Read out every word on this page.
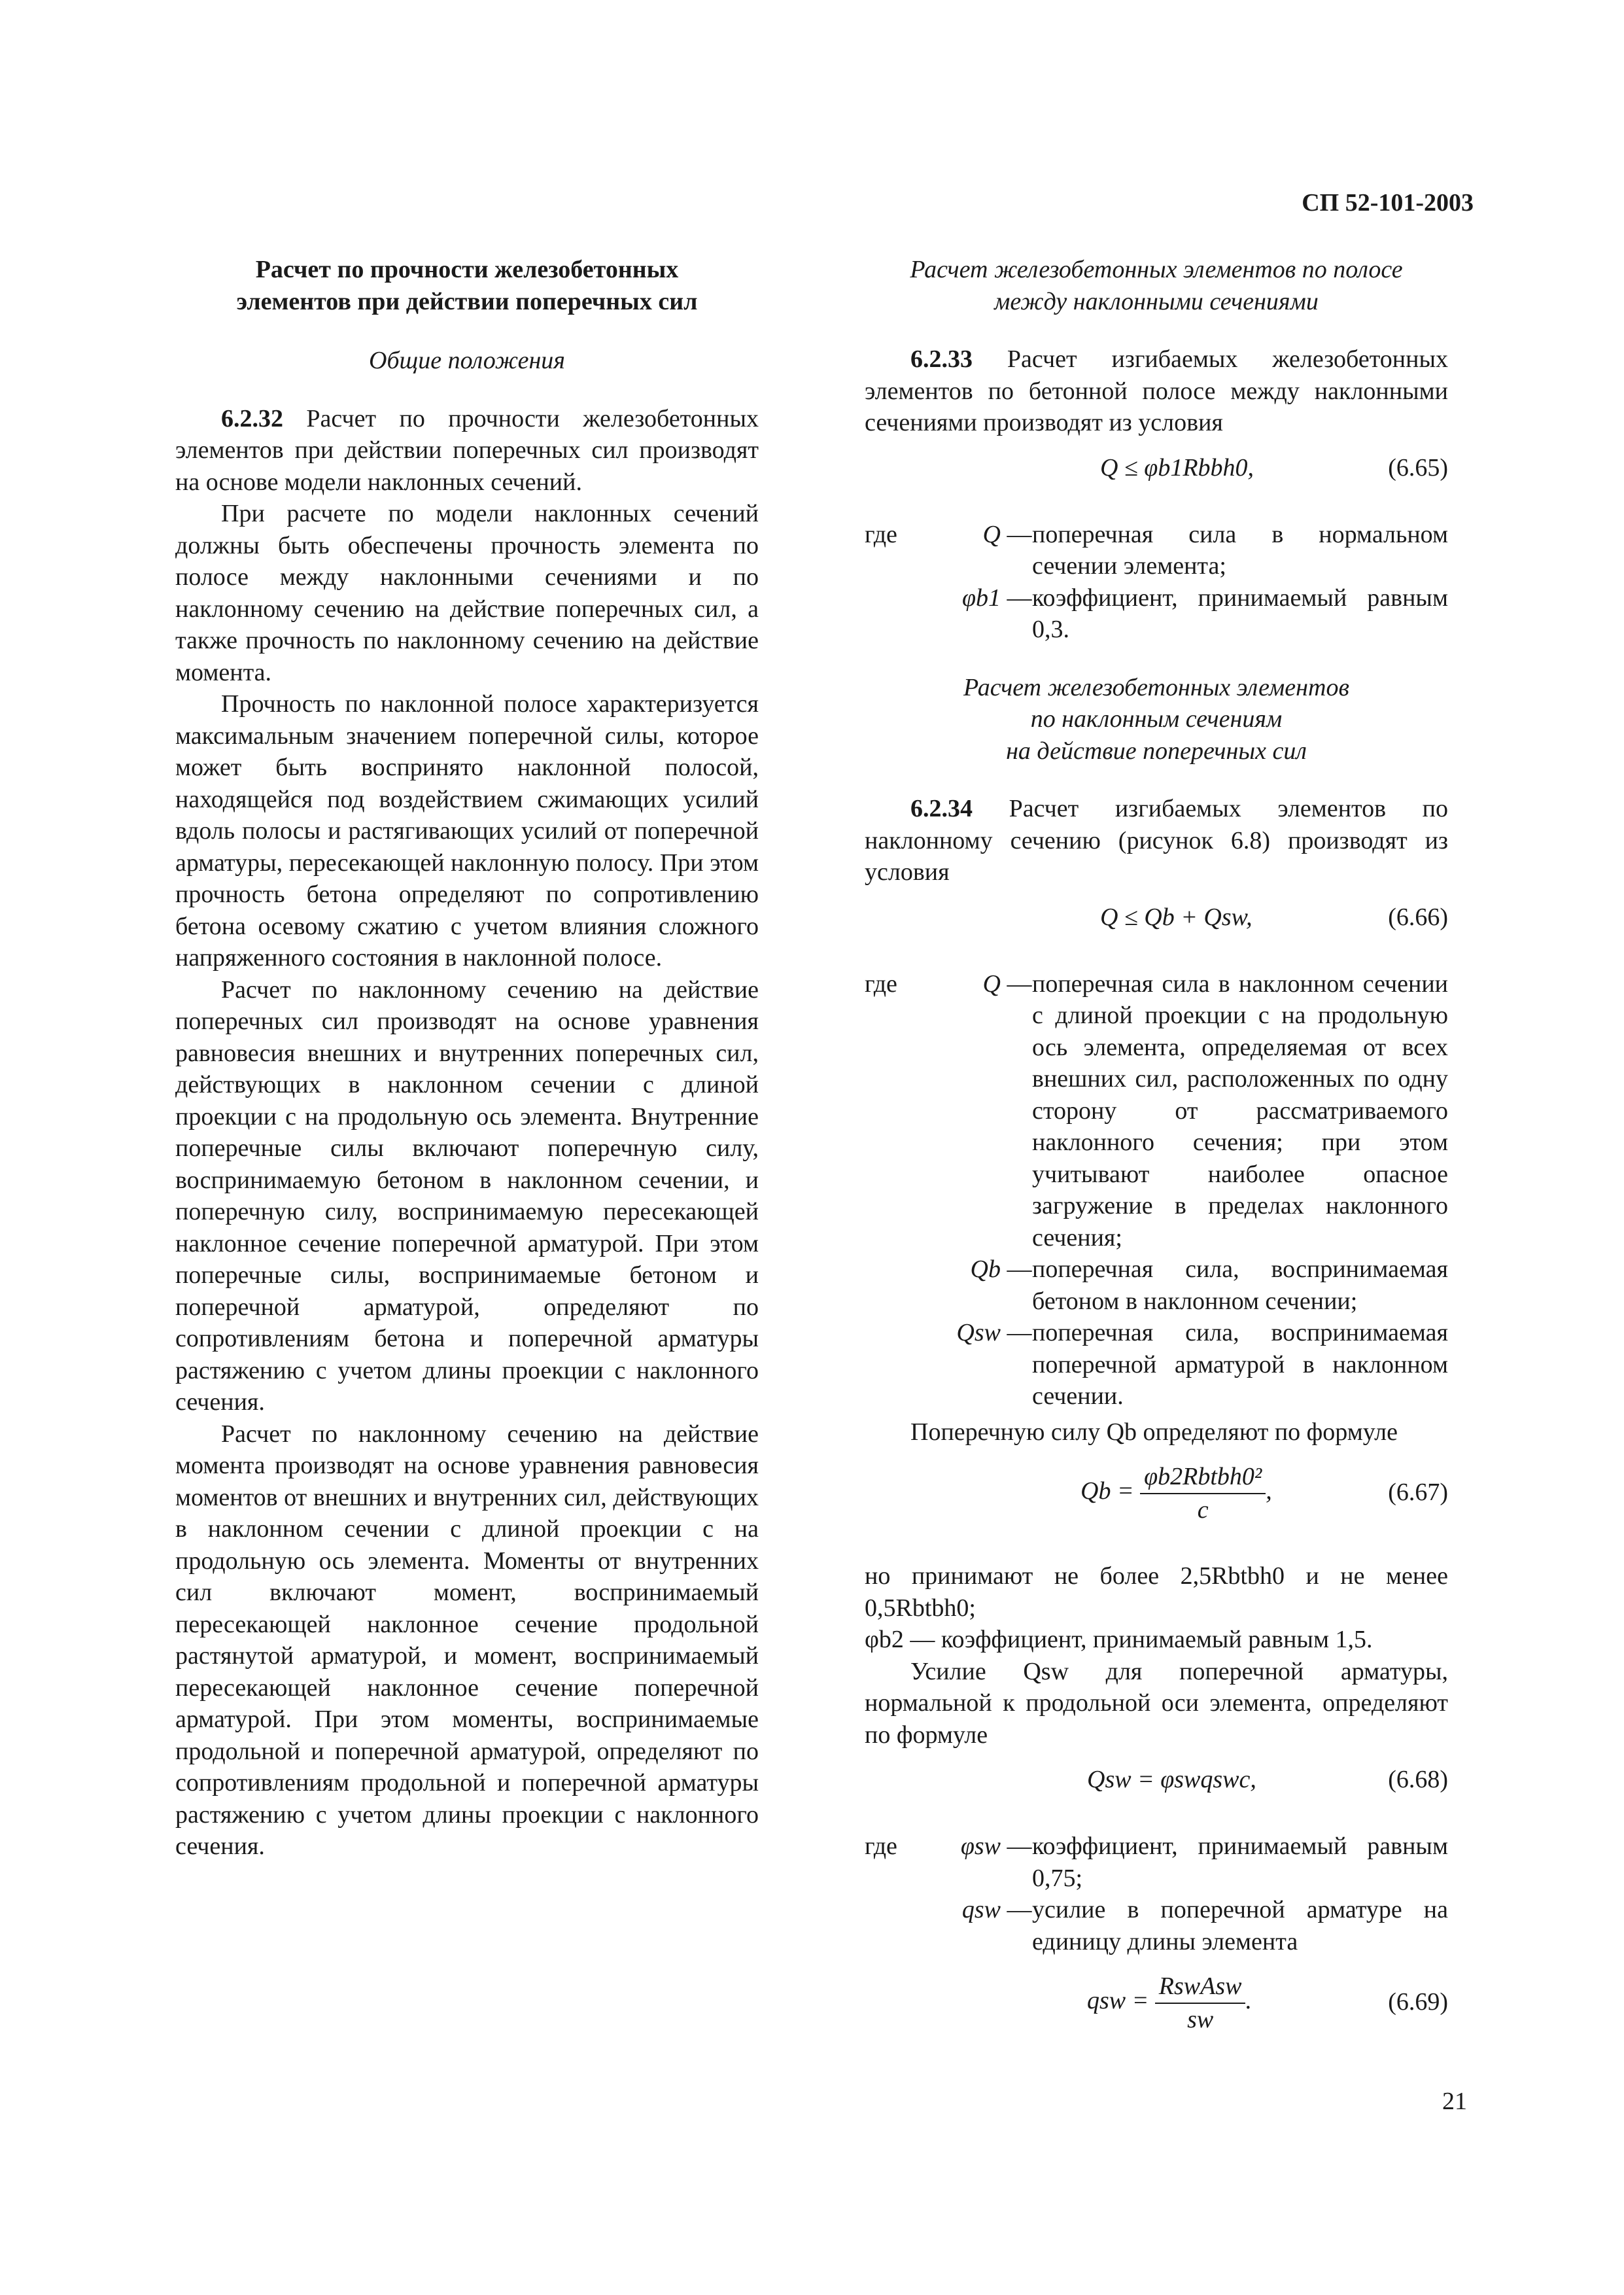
СП 52-101-2003
Расчет по прочности железобетонных
элементов при действии поперечных сил
Общие положения

6.2.32 Расчет по прочности железобетонных элементов при действии поперечных сил производят на основе модели наклонных сечений.

При расчете по модели наклонных сечений должны быть обеспечены прочность элемента по полосе между наклонными сечениями и по наклонному сечению на действие поперечных сил, а также прочность по наклонному сечению на действие момента.

Прочность по наклонной полосе характеризуется максимальным значением поперечной силы, которое может быть воспринято наклонной полосой, находящейся под воздействием сжимающих усилий вдоль полосы и растягивающих усилий от поперечной арматуры, пересекающей наклонную полосу. При этом прочность бетона определяют по сопротивлению бетона осевому сжатию с учетом влияния сложного напряженного состояния в наклонной полосе.

Расчет по наклонному сечению на действие поперечных сил производят на основе уравнения равновесия внешних и внутренних поперечных сил, действующих в наклонном сечении с длиной проекции c на продольную ось элемента. Внутренние поперечные силы включают поперечную силу, воспринимаемую бетоном в наклонном сечении, и поперечную силу, воспринимаемую пересекающей наклонное сечение поперечной арматурой. При этом поперечные силы, воспринимаемые бетоном и поперечной арматурой, определяют по сопротивлениям бетона и поперечной арматуры растяжению с учетом длины проекции c наклонного сечения.

Расчет по наклонному сечению на действие момента производят на основе уравнения равновесия моментов от внешних и внутренних сил, действующих в наклонном сечении с длиной проекции c на продольную ось элемента. Моменты от внутренних сил включают момент, воспринимаемый пересекающей наклонное сечение продольной растянутой арматурой, и момент, воспринимаемый пересекающей наклонное сечение поперечной арматурой. При этом моменты, воспринимаемые продольной и поперечной арматурой, определяют по сопротивлениям продольной и поперечной арматуры растяжению с учетом длины проекции c наклонного сечения.

Расчет железобетонных элементов по полосе
между наклонными сечениями

6.2.33 Расчет изгибаемых железобетонных элементов по бетонной полосе между наклонными сечениями производят из условия

Q ≤ φb1Rbbh0,	(6.65)
где	Q — поперечная сила в нормальном сечении элемента;
φb1 — коэффициент, принимаемый равным 0,3.
Расчет железобетонных элементов
по наклонным сечениям
на действие поперечных сил

6.2.34 Расчет изгибаемых элементов по наклонному сечению (рисунок 6.8) производят из условия

Q ≤ Qb + Qsw,	(6.66)
где	Q — поперечная сила в наклонном сечении с длиной проекции c на продольную ось элемента, определяемая от всех внешних сил, расположенных по одну сторону от рассматриваемого наклонного сечения; при этом учитывают наиболее опасное загружение в пределах наклонного сечения;
Qb — поперечная сила, воспринимаемая бетоном в наклонном сечении;
Qsw — поперечная сила, воспринимаемая поперечной арматурой в наклонном сечении.

Поперечную силу Qb определяют по формуле

$Qb = \frac{\text{φb2Rbtbh0²}}{c}$ ,	(6.67)

но принимают не более 2,5Rbtbh0 и не менее 0,5Rbtbh0;

φb2 — коэффициент, принимаемый равным 1,5.

Усилие Qsw для поперечной арматуры, нормальной к продольной оси элемента, определяют по формуле

Qsw = φswqswc,	(6.68)
где	φsw — коэффициент, принимаемый равным 0,75;
qsw — усилие в поперечной арматуре на единицу длины элемента
qsw = $\frac{\text{RswAsw}}{sw}$ .	(6.69)
21
